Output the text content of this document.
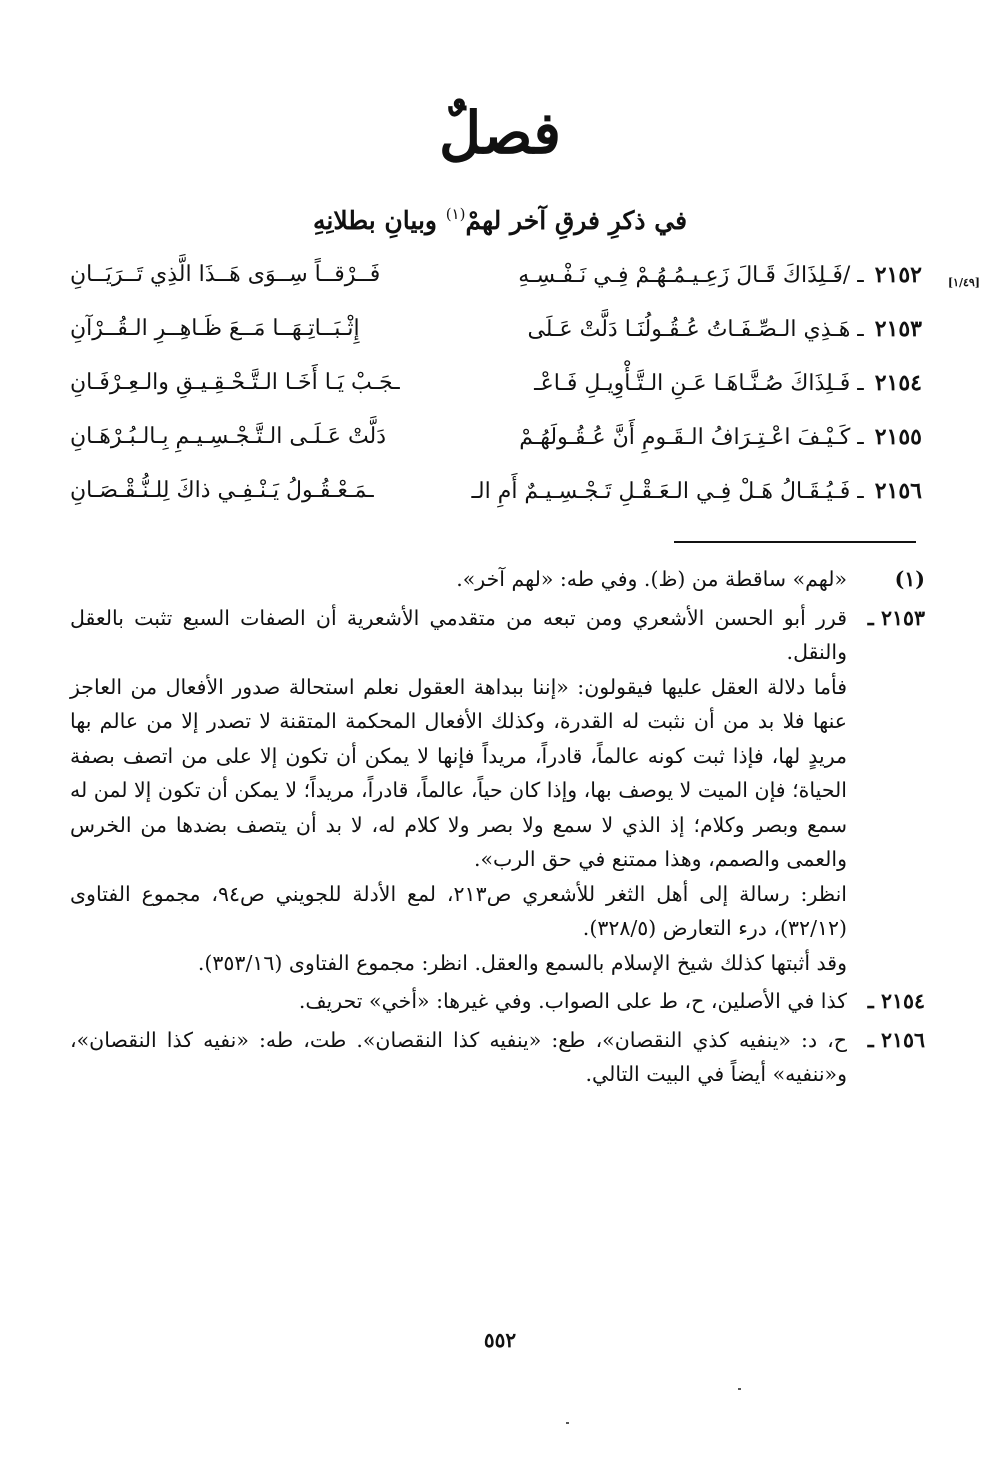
فصلٌ
في ذكرِ فرقِ آخر لهمْ$^{(١)}$ وبيانِ بطلانِهِ
[١/٤٩]
٢١٥٢ ـ /فَـلِذَاكَ قَـالَ زَعِـيـمُـهُـمْ فِـي نَـفْـسِـهِ
فَــرْقــاً سِــوَى هَــذَا الَّذِي تَــرَيَــانِ
٢١٥٣ ـ هَـذِي الـصِّـفَـاتُ عُـقُـولُنَـا دَلَّتْ عَـلَى
إِثْـبَــاتِـهَــا مَــعَ ظَـاهِــرِ الـقُــرْآنِ
٢١٥٤ ـ فَـلِذَاكَ صُـنَّـاهَـا عَـنِ الـتَّـأْوِيـلِ فَـاعْـ
ـجَـبْ يَـا أَخَـا الـتَّـحْـقِـيـقِ والـعِـرْفَـانِ
٢١٥٥ ـ كَـيْـفَ اعْـتِـرَافُ الـقَـومِ أَنَّ عُـقُـولَهُـمْ
دَلَّتْ عَـلَـى الـتَّـجْـسِـيـمِ بِـالـبُـرْهَـانِ
٢١٥٦ ـ فَـيُـقَـالُ هَـلْ فِـي الـعَـقْـلِ تَـجْـسِـيـمٌ أَمِ الـ
ـمَـعْـقُـولُ يَـنْـفِـي ذاكَ لِلـنُّـقْـصَـانِ
(١)

«لهم» ساقطة من (ظ). وفي طه: «لهم آخر».

٢١٥٣ ـ

قرر أبو الحسن الأشعري ومن تبعه من متقدمي الأشعرية أن الصفات السبع تثبت بالعقل والنقل.

فأما دلالة العقل عليها فيقولون: «إننا ببداهة العقول نعلم استحالة صدور الأفعال من العاجز عنها فلا بد من أن نثبت له القدرة، وكذلك الأفعال المحكمة المتقنة لا تصدر إلا من عالم بها مريدٍ لها، فإذا ثبت كونه عالماً، قادراً، مريداً فإنها لا يمكن أن تكون إلا على من اتصف بصفة الحياة؛ فإن الميت لا يوصف بها، وإذا كان حياً، عالماً، قادراً، مريداً؛ لا يمكن أن تكون إلا لمن له سمع وبصر وكلام؛ إذ الذي لا سمع ولا بصر ولا كلام له، لا بد أن يتصف بضدها من الخرس والعمى والصمم، وهذا ممتنع في حق الرب».

انظر: رسالة إلى أهل الثغر للأشعري ص٢١٣، لمع الأدلة للجويني ص٩٤، مجموع الفتاوى (٣٢/١٢)، درء التعارض (٣٢٨/٥).

وقد أثبتها كذلك شيخ الإسلام بالسمع والعقل. انظر: مجموع الفتاوى (٣٥٣/١٦).

٢١٥٤ ـ

كذا في الأصلين، ح، ط على الصواب. وفي غيرها: «أخي» تحريف.

٢١٥٦ ـ

ح، د: «ينفيه كذي النقصان»، طع: «ينفيه كذا النقصان». طت، طه: «نفيه كذا النقصان»، و«ننفيه» أيضاً في البيت التالي.

٥٥٢
